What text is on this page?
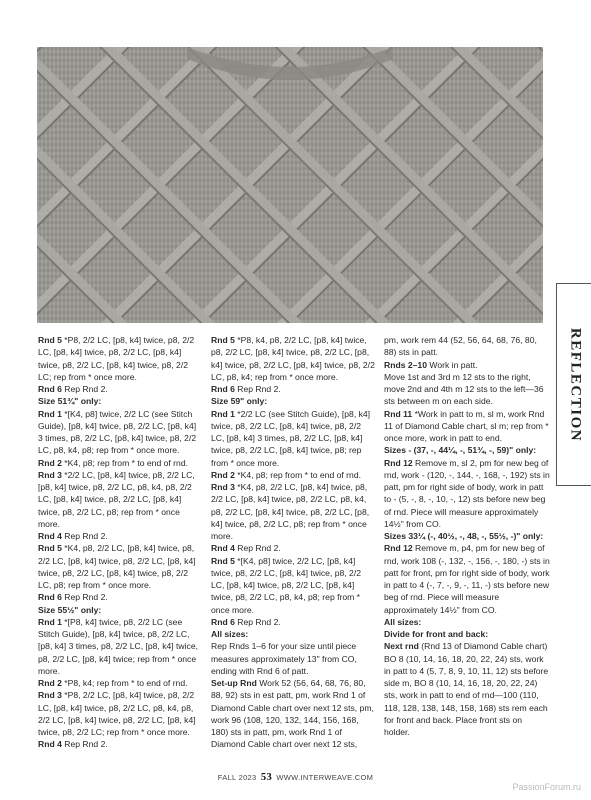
REFLECTION

Rnd 5 *P8, 2/2 LC, [p8, k4] twice, p8, 2/2 LC, [p8, k4] twice, p8, 2/2 LC, [p8, k4] twice, p8, 2/2 LC, [p8, k4] twice, p8, 2/2 LC; rep from * once more.

Rnd 6 Rep Rnd 2.

Size 51¾" only:

Rnd 1 *[K4, p8] twice, 2/2 LC (see Stitch Guide), [p8, k4] twice, p8, 2/2 LC, [p8, k4] 3 times, p8, 2/2 LC, [p8, k4] twice, p8, 2/2 LC, p8, k4, p8; rep from * once more.

Rnd 2 *K4, p8; rep from * to end of rnd.

Rnd 3 *2/2 LC, [p8, k4] twice, p8, 2/2 LC, [p8, k4] twice, p8, 2/2 LC, p8, k4, p8, 2/2 LC, [p8, k4] twice, p8, 2/2 LC, [p8, k4] twice, p8, 2/2 LC, p8; rep from * once more.

Rnd 4 Rep Rnd 2.

Rnd 5 *K4, p8, 2/2 LC, [p8, k4] twice, p8, 2/2 LC, [p8, k4] twice, p8, 2/2 LC, [p8, k4] twice, p8, 2/2 LC, [p8, k4] twice, p8, 2/2 LC, p8; rep from * once more.

Rnd 6 Rep Rnd 2.

Size 55½" only:

Rnd 1 *[P8, k4] twice, p8, 2/2 LC (see Stitch Guide), [p8, k4] twice, p8, 2/2 LC, [p8, k4] 3 times, p8, 2/2 LC, [p8, k4] twice, p8, 2/2 LC, [p8, k4] twice; rep from * once more.

Rnd 2 *P8, k4; rep from * to end of rnd.

Rnd 3 *P8, 2/2 LC, [p8, k4] twice, p8, 2/2 LC, [p8, k4] twice, p8, 2/2 LC, p8, k4, p8, 2/2 LC, [p8, k4] twice, p8, 2/2 LC, [p8, k4] twice, p8, 2/2 LC; rep from * once more.

Rnd 4 Rep Rnd 2.

Rnd 5 *P8, k4, p8, 2/2 LC, [p8, k4] twice, p8, 2/2 LC, [p8, k4] twice, p8, 2/2 LC, [p8, k4] twice, p8, 2/2 LC, [p8, k4] twice, p8, 2/2 LC, p8, k4; rep from * once more.

Rnd 6 Rep Rnd 2.

Size 59" only:

Rnd 1 *2/2 LC (see Stitch Guide), [p8, k4] twice, p8, 2/2 LC, [p8, k4] twice, p8, 2/2 LC, [p8, k4] 3 times, p8, 2/2 LC, [p8, k4] twice, p8, 2/2 LC, [p8, k4] twice, p8; rep from * once more.

Rnd 2 *K4, p8; rep from * to end of rnd.

Rnd 3 *K4, p8, 2/2 LC, [p8, k4] twice, p8, 2/2 LC, [p8, k4] twice, p8, 2/2 LC, p8, k4, p8, 2/2 LC, [p8, k4] twice, p8, 2/2 LC, [p8, k4] twice, p8, 2/2 LC, p8; rep from * once more.

Rnd 4 Rep Rnd 2.

Rnd 5 *[K4, p8] twice, 2/2 LC, [p8, k4] twice, p8, 2/2 LC, [p8, k4] twice, p8, 2/2 LC, [p8, k4] twice, p8, 2/2 LC, [p8, k4] twice, p8, 2/2 LC, p8, k4, p8; rep from * once more.

Rnd 6 Rep Rnd 2.

All sizes:

Rep Rnds 1–6 for your size until piece measures approximately 13" from CO, ending with Rnd 6 of patt.

Set-up Rnd Work 52 (56, 64, 68, 76, 80, 88, 92) sts in est patt, pm, work Rnd 1 of Diamond Cable chart over next 12 sts, pm, work 96 (108, 120, 132, 144, 156, 168, 180) sts in patt, pm, work Rnd 1 of Diamond Cable chart over next 12 sts,

pm, work rem 44 (52, 56, 64, 68, 76, 80, 88) sts in patt.

Rnds 2–10 Work in patt.

Move 1st and 3rd m 12 sts to the right, move 2nd and 4th m 12 sts to the left—36 sts between m on each side.

Rnd 11 *Work in patt to m, sl m, work Rnd 11 of Diamond Cable chart, sl m; rep from * once more, work in patt to end.

Sizes - (37, -, 44¼, -, 51¾, -, 59)" only:

Rnd 12 Remove m, sl 2, pm for new beg of rnd, work - (120, -, 144, -, 168, -, 192) sts in patt, pm for right side of body, work in patt to - (5, -, 8, -, 10, -, 12) sts before new beg of rnd. Piece will measure approximately 14½" from CO.

Sizes 33¼ (-, 40½, -, 48, -, 55½, -)" only:

Rnd 12 Remove m, p4, pm for new beg of rnd, work 108 (-, 132, -, 156, -, 180, -) sts in patt for front, pm for right side of body, work in patt to 4 (-, 7, -, 9, -, 11, -) sts before new beg of rnd. Piece will measure approximately 14½" from CO.

All sizes:

Divide for front and back:

Next rnd (Rnd 13 of Diamond Cable chart) BO 8 (10, 14, 16, 18, 20, 22, 24) sts, work in patt to 4 (5, 7, 8, 9, 10, 11, 12) sts before side m, BO 8 (10, 14, 16, 18, 20, 22, 24) sts, work in patt to end of rnd—100 (110, 118, 128, 138, 148, 158, 168) sts rem each for front and back. Place front sts on holder.

FALL 2023 53 WWW.INTERWEAVE.COM
PassionForum.ru
